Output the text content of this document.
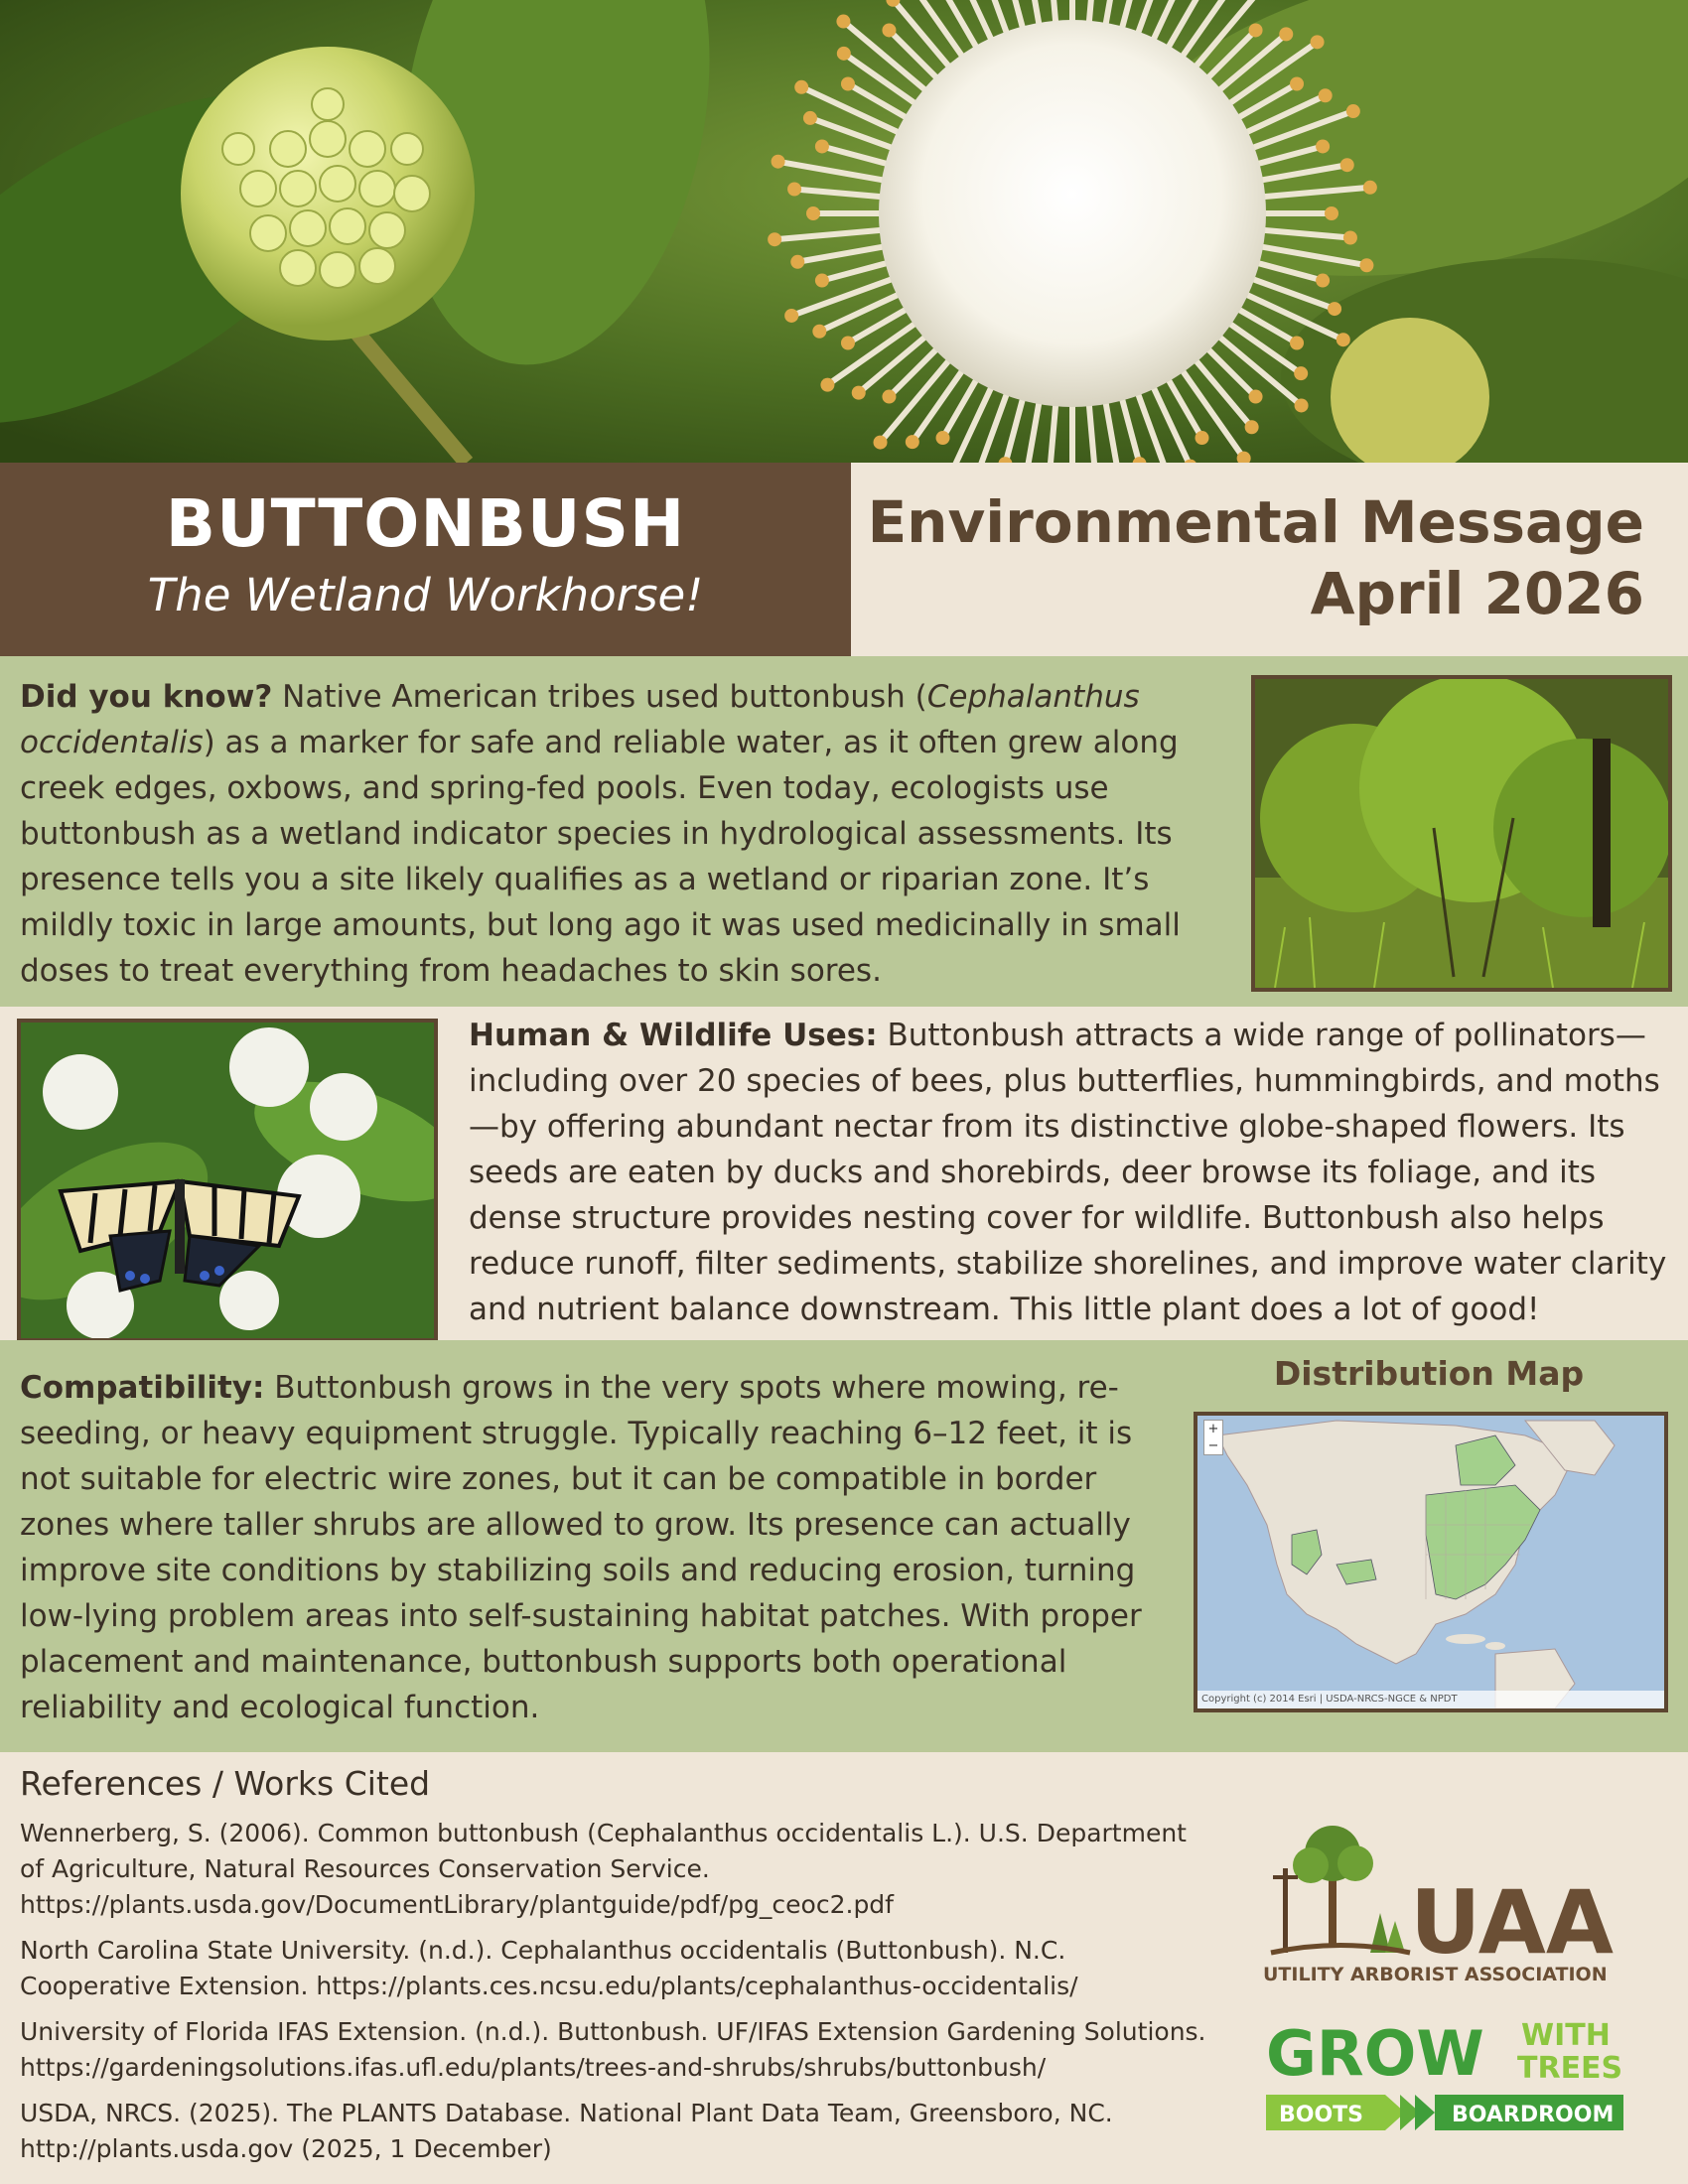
BUTTONBUSH
The Wetland Workhorse!
Environmental Message
April 2026

Did you know? Native American tribes used buttonbush (Cephalanthus occidentalis) as a marker for safe and reliable water, as it often grew along creek edges, oxbows, and spring-fed pools. Even today, ecologists use buttonbush as a wetland indicator species in hydrological assessments. Its presence tells you a site likely qualifies as a wetland or riparian zone. It’s mildly toxic in large amounts, but long ago it was used medicinally in small doses to treat everything from headaches to skin sores.

Human & Wildlife Uses: Buttonbush attracts a wide range of pollinators—including over 20 species of bees, plus butterflies, hummingbirds, and moths—by offering abundant nectar from its distinctive globe-shaped flowers. Its seeds are eaten by ducks and shorebirds, deer browse its foliage, and its dense structure provides nesting cover for wildlife. Buttonbush also helps reduce runoff, filter sediments, stabilize shorelines, and improve water clarity and nutrient balance downstream. This little plant does a lot of good!

Compatibility: Buttonbush grows in the very spots where mowing, re-seeding, or heavy equipment struggle. Typically reaching 6–12 feet, it is not suitable for electric wire zones, but it can be compatible in border zones where taller shrubs are allowed to grow. Its presence can actually improve site conditions by stabilizing soils and reducing erosion, turning low-lying problem areas into self-sustaining habitat patches. With proper placement and maintenance, buttonbush supports both operational reliability and ecological function.

Distribution Map
+
−
Copyright (c) 2014 Esri | USDA-NRCS-NGCE & NPDT
References / Works Cited

Wennerberg, S. (2006). Common buttonbush (Cephalanthus occidentalis L.). U.S. Department of Agriculture, Natural Resources Conservation Service. https://plants.usda.gov/DocumentLibrary/plantguide/pdf/pg_ceoc2.pdf

North Carolina State University. (n.d.). Cephalanthus occidentalis (Buttonbush). N.C. Cooperative Extension. https://plants.ces.ncsu.edu/plants/cephalanthus-occidentalis/

University of Florida IFAS Extension. (n.d.). Buttonbush. UF/IFAS Extension Gardening Solutions. https://gardeningsolutions.ifas.ufl.edu/plants/trees-and-shrubs/shrubs/buttonbush/

USDA, NRCS. (2025). The PLANTS Database. National Plant Data Team, Greensboro, NC. http://plants.usda.gov (2025, 1 December)

UAA
UTILITY ARBORIST ASSOCIATION
GROW WITH
TREES
BOOTS	BOARDROOM
